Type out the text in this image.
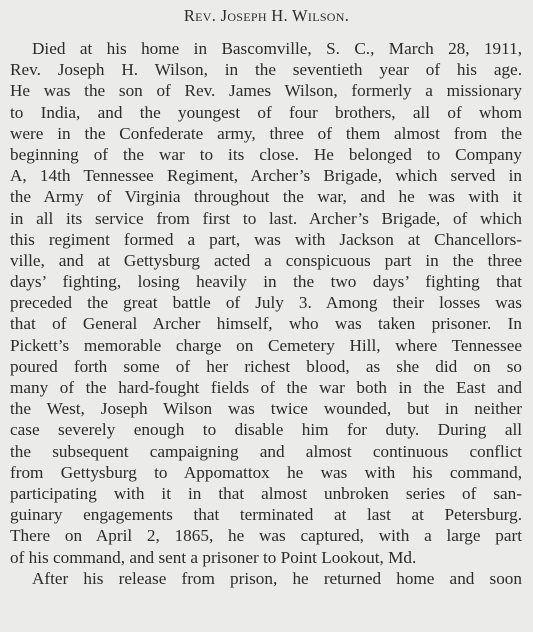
Rev. Joseph H. Wilson.
Died at his home in Bascomville, S. C., March 28, 1911,
Rev. Joseph H. Wilson, in the seventieth year of his age.
He was the son of Rev. James Wilson, formerly a missionary
to India, and the youngest of four brothers, all of whom
were in the Confederate army, three of them almost from the
beginning of the war to its close. He belonged to Company
A, 14th Tennessee Regiment, Archer’s Brigade, which served in
the Army of Virginia throughout the war, and he was with it
in all its service from first to last. Archer’s Brigade, of which
this regiment formed a part, was with Jackson at Chancellors-
ville, and at Gettysburg acted a conspicuous part in the three
days’ fighting, losing heavily in the two days’ fighting that
preceded the great battle of July 3. Among their losses was
that of General Archer himself, who was taken prisoner. In
Pickett’s memorable charge on Cemetery Hill, where Tennessee
poured forth some of her richest blood, as she did on so
many of the hard-fought fields of the war both in the East and
the West, Joseph Wilson was twice wounded, but in neither
case severely enough to disable him for duty. During all
the subsequent campaigning and almost continuous conflict
from Gettysburg to Appomattox he was with his command,
participating with it in that almost unbroken series of san-
guinary engagements that terminated at last at Petersburg.
There on April 2, 1865, he was captured, with a large part
of his command, and sent a prisoner to Point Lookout, Md.
After his release from prison, he returned home and soon
